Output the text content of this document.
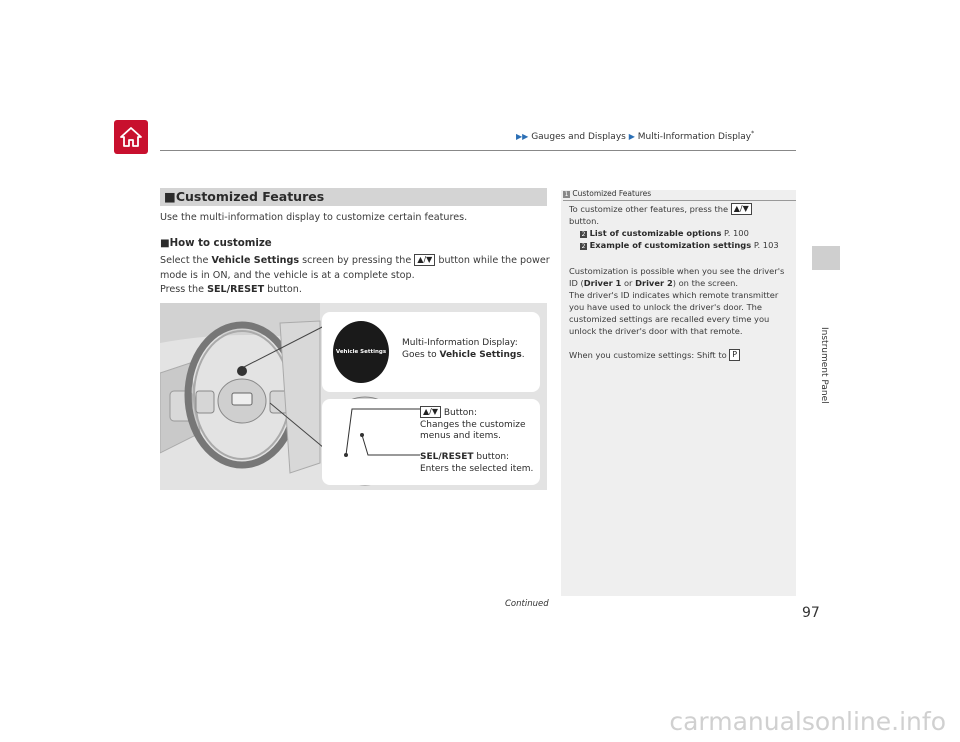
▶▶ Gauges and Displays ▶ Multi-Information Display*
Instrument Panel
■Customized Features
Use the multi-information display to customize certain features.
■How to customize
Select the Vehicle Settings screen by pressing the ▲/▼ button while the power
mode is in ON, and the vehicle is at a complete stop.
Press the SEL/RESET button.
Vehicle Settings
Multi-Information Display:
Goes to Vehicle Settings.
▲/▼ Button:
Changes the customize
menus and items.
SEL/RESET button:
Enters the selected item.
1 Customized Features
To customize other features, press the ▲/▼
button.
2 List of customizable options P. 100
2 Example of customization settings P. 103
Customization is possible when you see the driver's
ID (Driver 1 or Driver 2) on the screen.
The driver's ID indicates which remote transmitter
you have used to unlock the driver's door. The
customized settings are recalled every time you
unlock the driver's door with that remote.
When you customize settings: Shift to P
Continued
97
carmanualsonline.info
